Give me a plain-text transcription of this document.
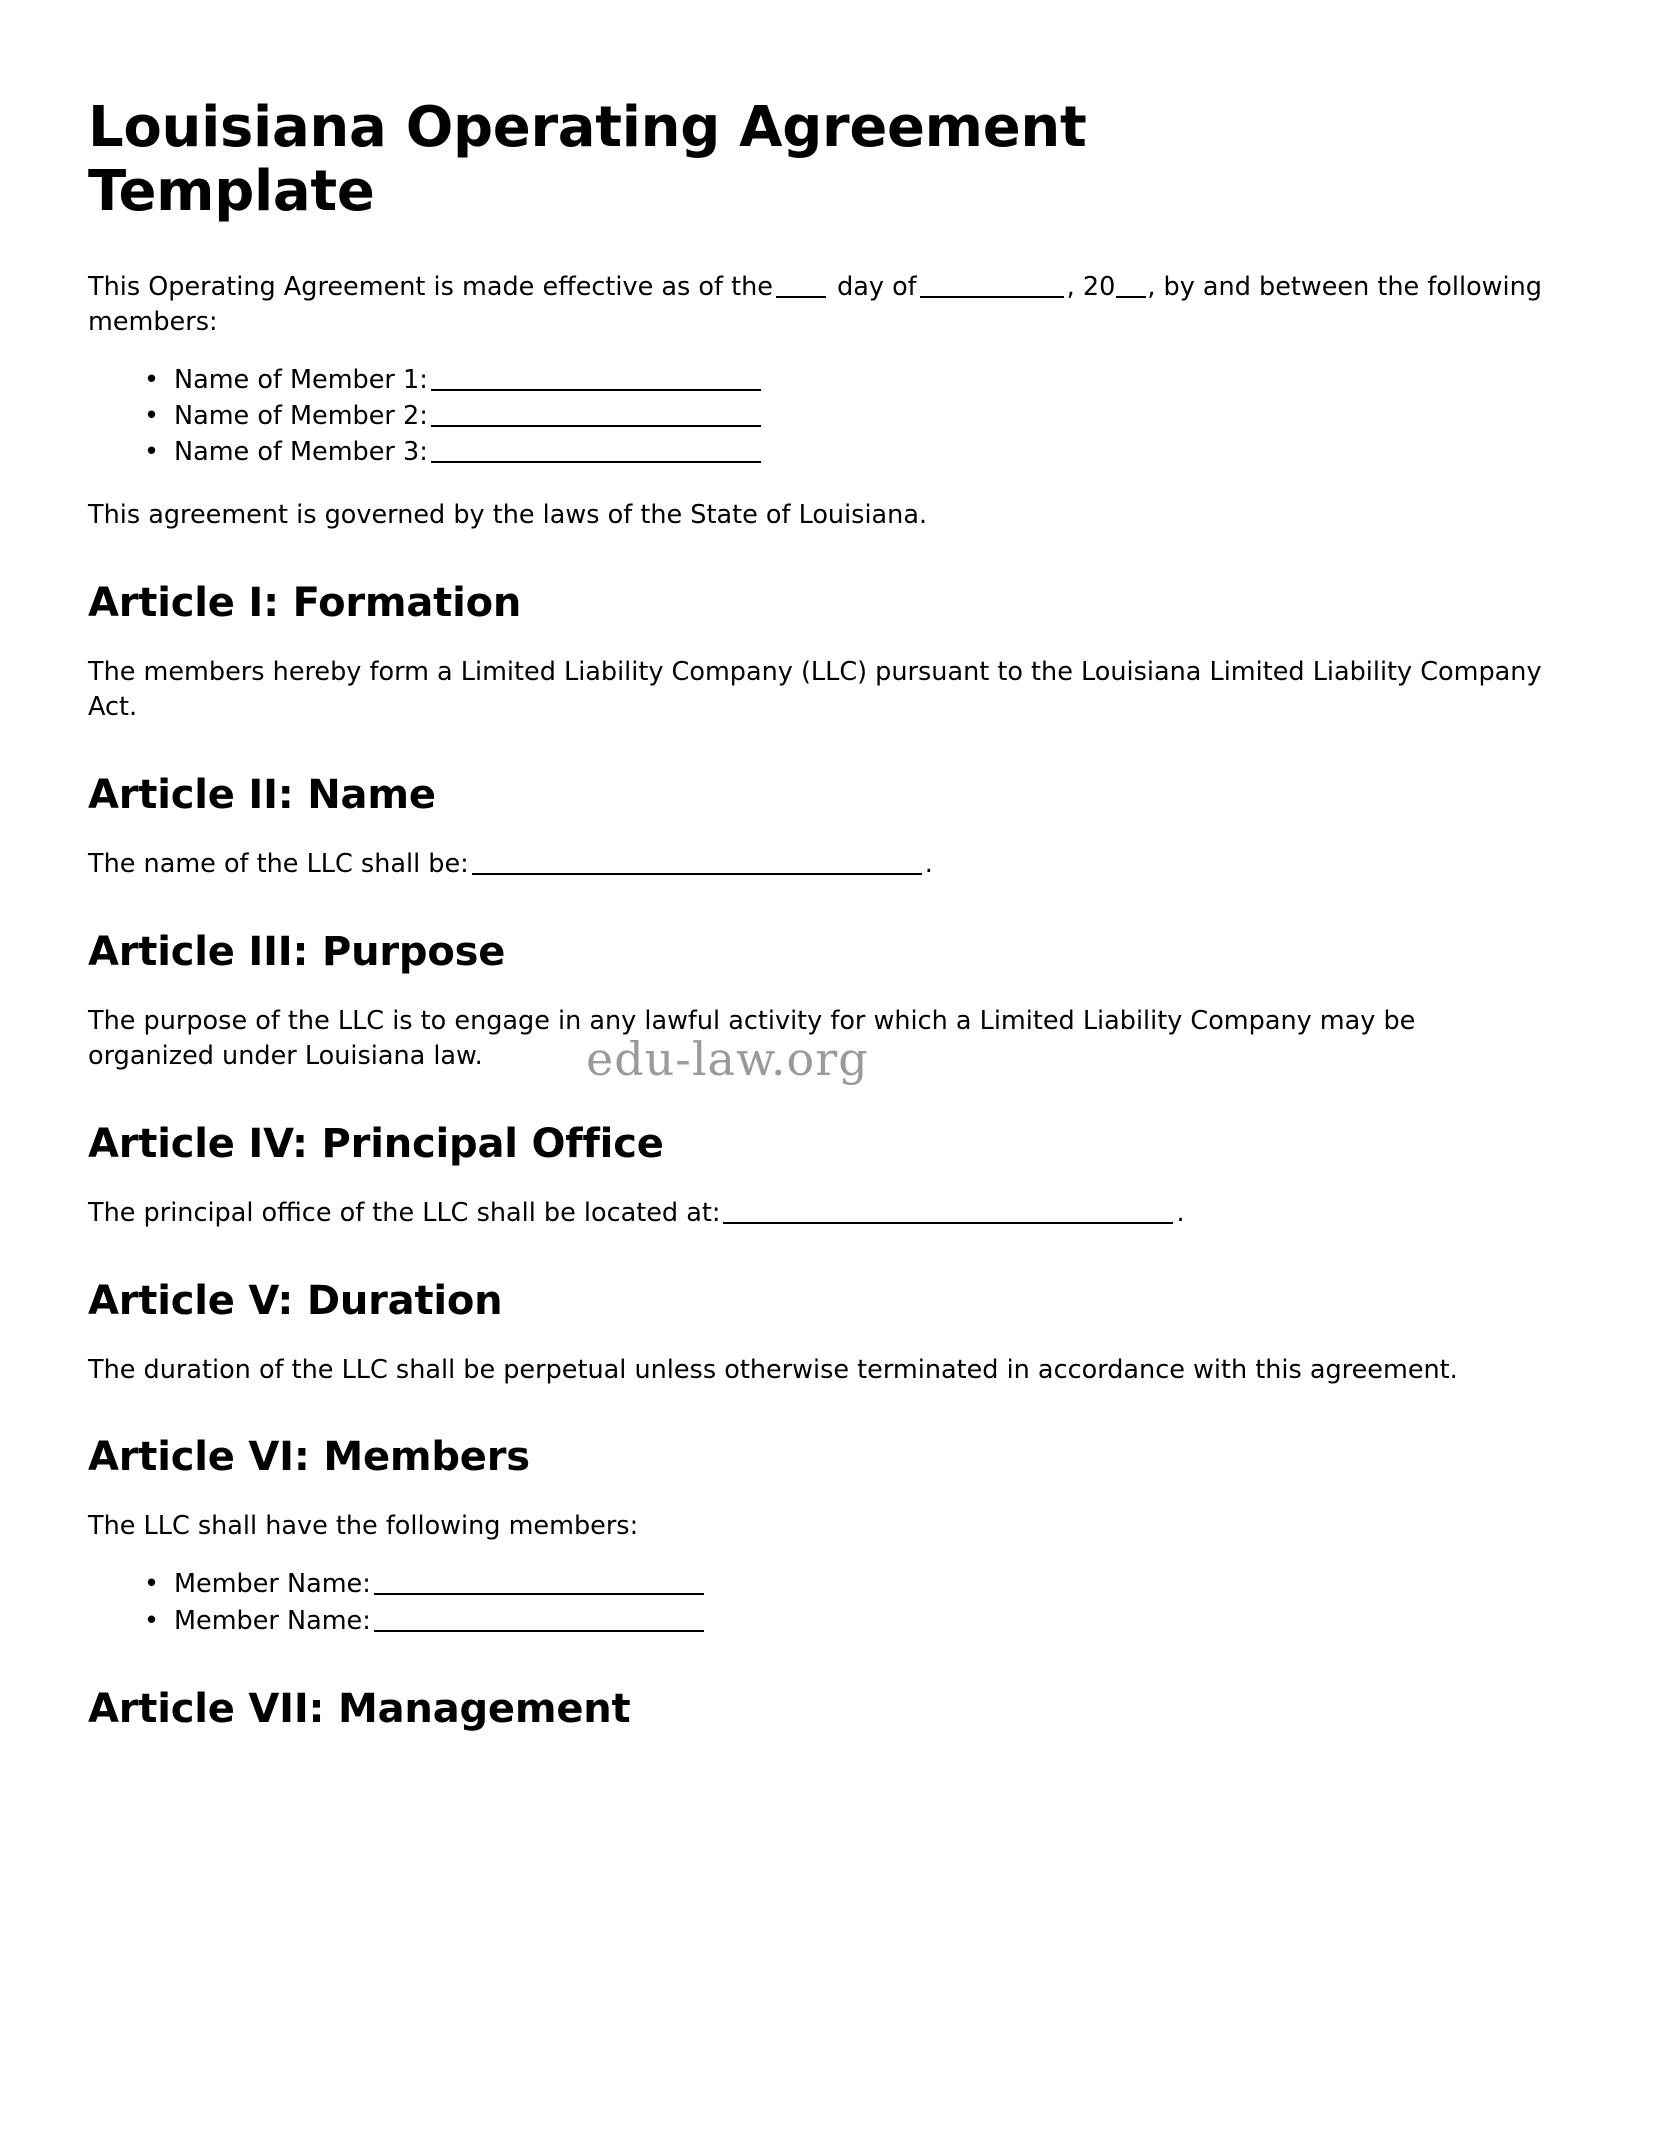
Louisiana Operating Agreement Template

This Operating Agreement is made effective as of the	day of	, 20 , by and between the following members:

• Name of Member 1:
• Name of Member 2:
• Name of Member 3:

This agreement is governed by the laws of the State of Louisiana.

Article I: Formation

The members hereby form a Limited Liability Company (LLC) pursuant to the Louisiana Limited Liability Company Act.

Article II: Name

The name of the LLC shall be:	.

Article III: Purpose

The purpose of the LLC is to engage in any lawful activity for which a Limited Liability Company may be organized under Louisiana law.

Article IV: Principal Office

The principal office of the LLC shall be located at:	.

Article V: Duration

The duration of the LLC shall be perpetual unless otherwise terminated in accordance with this agreement.

Article VI: Members

The LLC shall have the following members:

• Member Name:
• Member Name:
Article VII: Management
edu-law.org
